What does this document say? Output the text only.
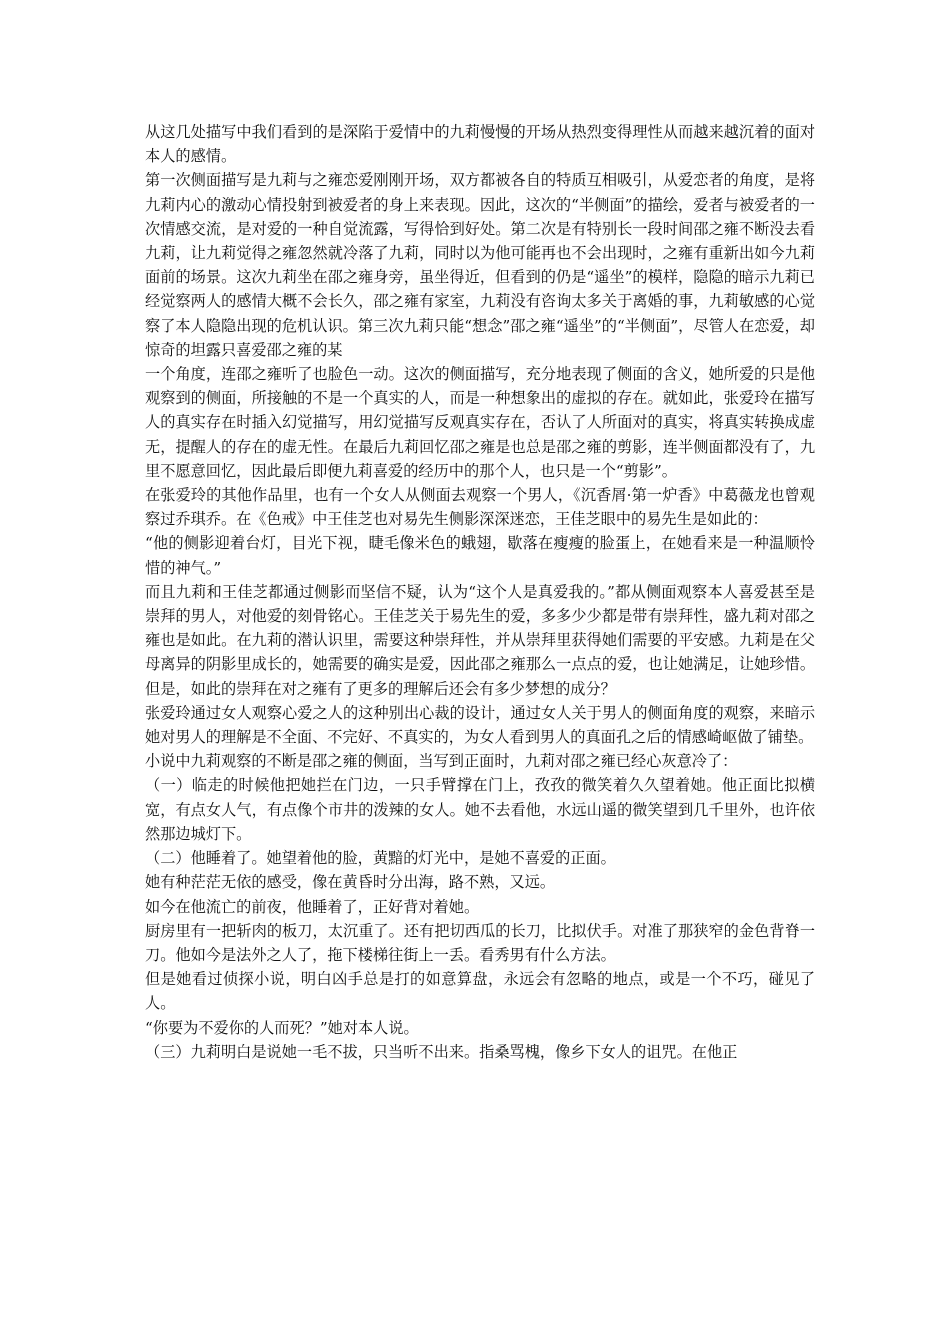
从这几处描写中我们看到的是深陷于爱情中的九莉慢慢的开场从热烈变得理性从而越来越沉着的面对本人的感情。

第一次侧面描写是九莉与之雍恋爱刚刚开场，双方都被各自的特质互相吸引，从爱恋者的角度，是将九莉内心的激动心情投射到被爱者的身上来表现。因此，这次的“半侧面”的描绘，爱者与被爱者的一次情感交流，是对爱的一种自觉流露，写得恰到好处。第二次是有特别长一段时间邵之雍不断没去看九莉，让九莉觉得之雍忽然就冷落了九莉，同时以为他可能再也不会出现时，之雍有重新出如今九莉面前的场景。这次九莉坐在邵之雍身旁，虽坐得近，但看到的仍是“遥坐”的模样，隐隐的暗示九莉已经觉察两人的感情大概不会长久，邵之雍有家室，九莉没有咨询太多关于离婚的事，九莉敏感的心觉察了本人隐隐出现的危机认识。第三次九莉只能“想念”邵之雍“遥坐”的“半侧面”，尽管人在恋爱，却惊奇的坦露只喜爱邵之雍的某

一个角度，连邵之雍听了也脸色一动。这次的侧面描写，充分地表现了侧面的含义，她所爱的只是他观察到的侧面，所接触的不是一个真实的人，而是一种想象出的虚拟的存在。就如此，张爱玲在描写人的真实存在时插入幻觉描写，用幻觉描写反观真实存在，否认了人所面对的真实，将真实转换成虚无，提醒人的存在的虚无性。在最后九莉回忆邵之雍是也总是邵之雍的剪影，连半侧面都没有了，九里不愿意回忆，因此最后即便九莉喜爱的经历中的那个人，也只是一个“剪影”。

在张爱玲的其他作品里，也有一个女人从侧面去观察一个男人，《沉香屑·第一炉香》中葛薇龙也曾观察过乔琪乔。在《色戒》中王佳芝也对易先生侧影深深迷恋，王佳芝眼中的易先生是如此的：

“他的侧影迎着台灯，目光下视，睫毛像米色的蛾翅，歇落在瘦瘦的脸蛋上，在她看来是一种温顺怜惜的神气。”

而且九莉和王佳芝都通过侧影而坚信不疑，认为“这个人是真爱我的。”都从侧面观察本人喜爱甚至是崇拜的男人，对他爱的刻骨铭心。王佳芝关于易先生的爱，多多少少都是带有崇拜性，盛九莉对邵之雍也是如此。在九莉的潜认识里，需要这种崇拜性，并从崇拜里获得她们需要的平安感。九莉是在父母离异的阴影里成长的，她需要的确实是爱，因此邵之雍那么一点点的爱，也让她满足，让她珍惜。但是，如此的崇拜在对之雍有了更多的理解后还会有多少梦想的成分？

张爱玲通过女人观察心爱之人的这种别出心裁的设计，通过女人关于男人的侧面角度的观察，来暗示她对男人的理解是不全面、不完好、不真实的，为女人看到男人的真面孔之后的情感崎岖做了铺垫。

小说中九莉观察的不断是邵之雍的侧面，当写到正面时，九莉对邵之雍已经心灰意冷了：

（一）临走的时候他把她拦在门边，一只手臂撑在门上，孜孜的微笑着久久望着她。他正面比拟横宽，有点女人气，有点像个市井的泼辣的女人。她不去看他，水远山遥的微笑望到几千里外，也许依然那边城灯下。

（二）他睡着了。她望着他的脸，黄黯的灯光中，是她不喜爱的正面。

她有种茫茫无依的感受，像在黄昏时分出海，路不熟，又远。

如今在他流亡的前夜，他睡着了，正好背对着她。

厨房里有一把斩肉的板刀，太沉重了。还有把切西瓜的长刀，比拟伏手。对准了那狭窄的金色背脊一刀。他如今是法外之人了，拖下楼梯往街上一丢。看秀男有什么方法。

但是她看过侦探小说，明白凶手总是打的如意算盘，永远会有忽略的地点，或是一个不巧，碰见了人。

“你要为不爱你的人而死？”她对本人说。

（三）九莉明白是说她一毛不拔，只当听不出来。指桑骂槐，像乡下女人的诅咒。在他正
